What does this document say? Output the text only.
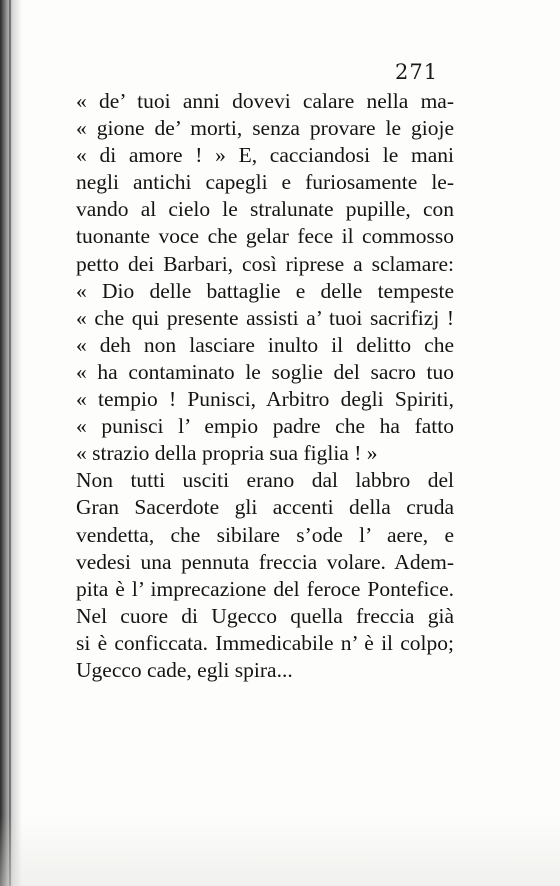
271
« de’ tuoi anni dovevi calare nella ma-
« gione de’ morti, senza provare le gioje
« di amore ! » E, cacciandosi le mani
negli antichi capegli e furiosamente le-
vando al cielo le stralunate pupille, con
tuonante voce che gelar fece il commosso
petto dei Barbari, così riprese a sclamare:
« Dio delle battaglie e delle tempeste
« che qui presente assisti a’ tuoi sacrifizj !
« deh non lasciare inulto il delitto che
« ha contaminato le soglie del sacro tuo
« tempio ! Punisci, Arbitro degli Spiriti,
« punisci l’ empio padre che ha fatto
« strazio della propria sua figlia ! »
Non tutti usciti erano dal labbro del
Gran Sacerdote gli accenti della cruda
vendetta, che sibilare s’ode l’ aere, e
vedesi una pennuta freccia volare. Adem-
pita è l’ imprecazione del feroce Pontefice.
Nel cuore di Ugecco quella freccia già
si è conficcata. Immedicabile n’ è il colpo;
Ugecco cade, egli spira...
